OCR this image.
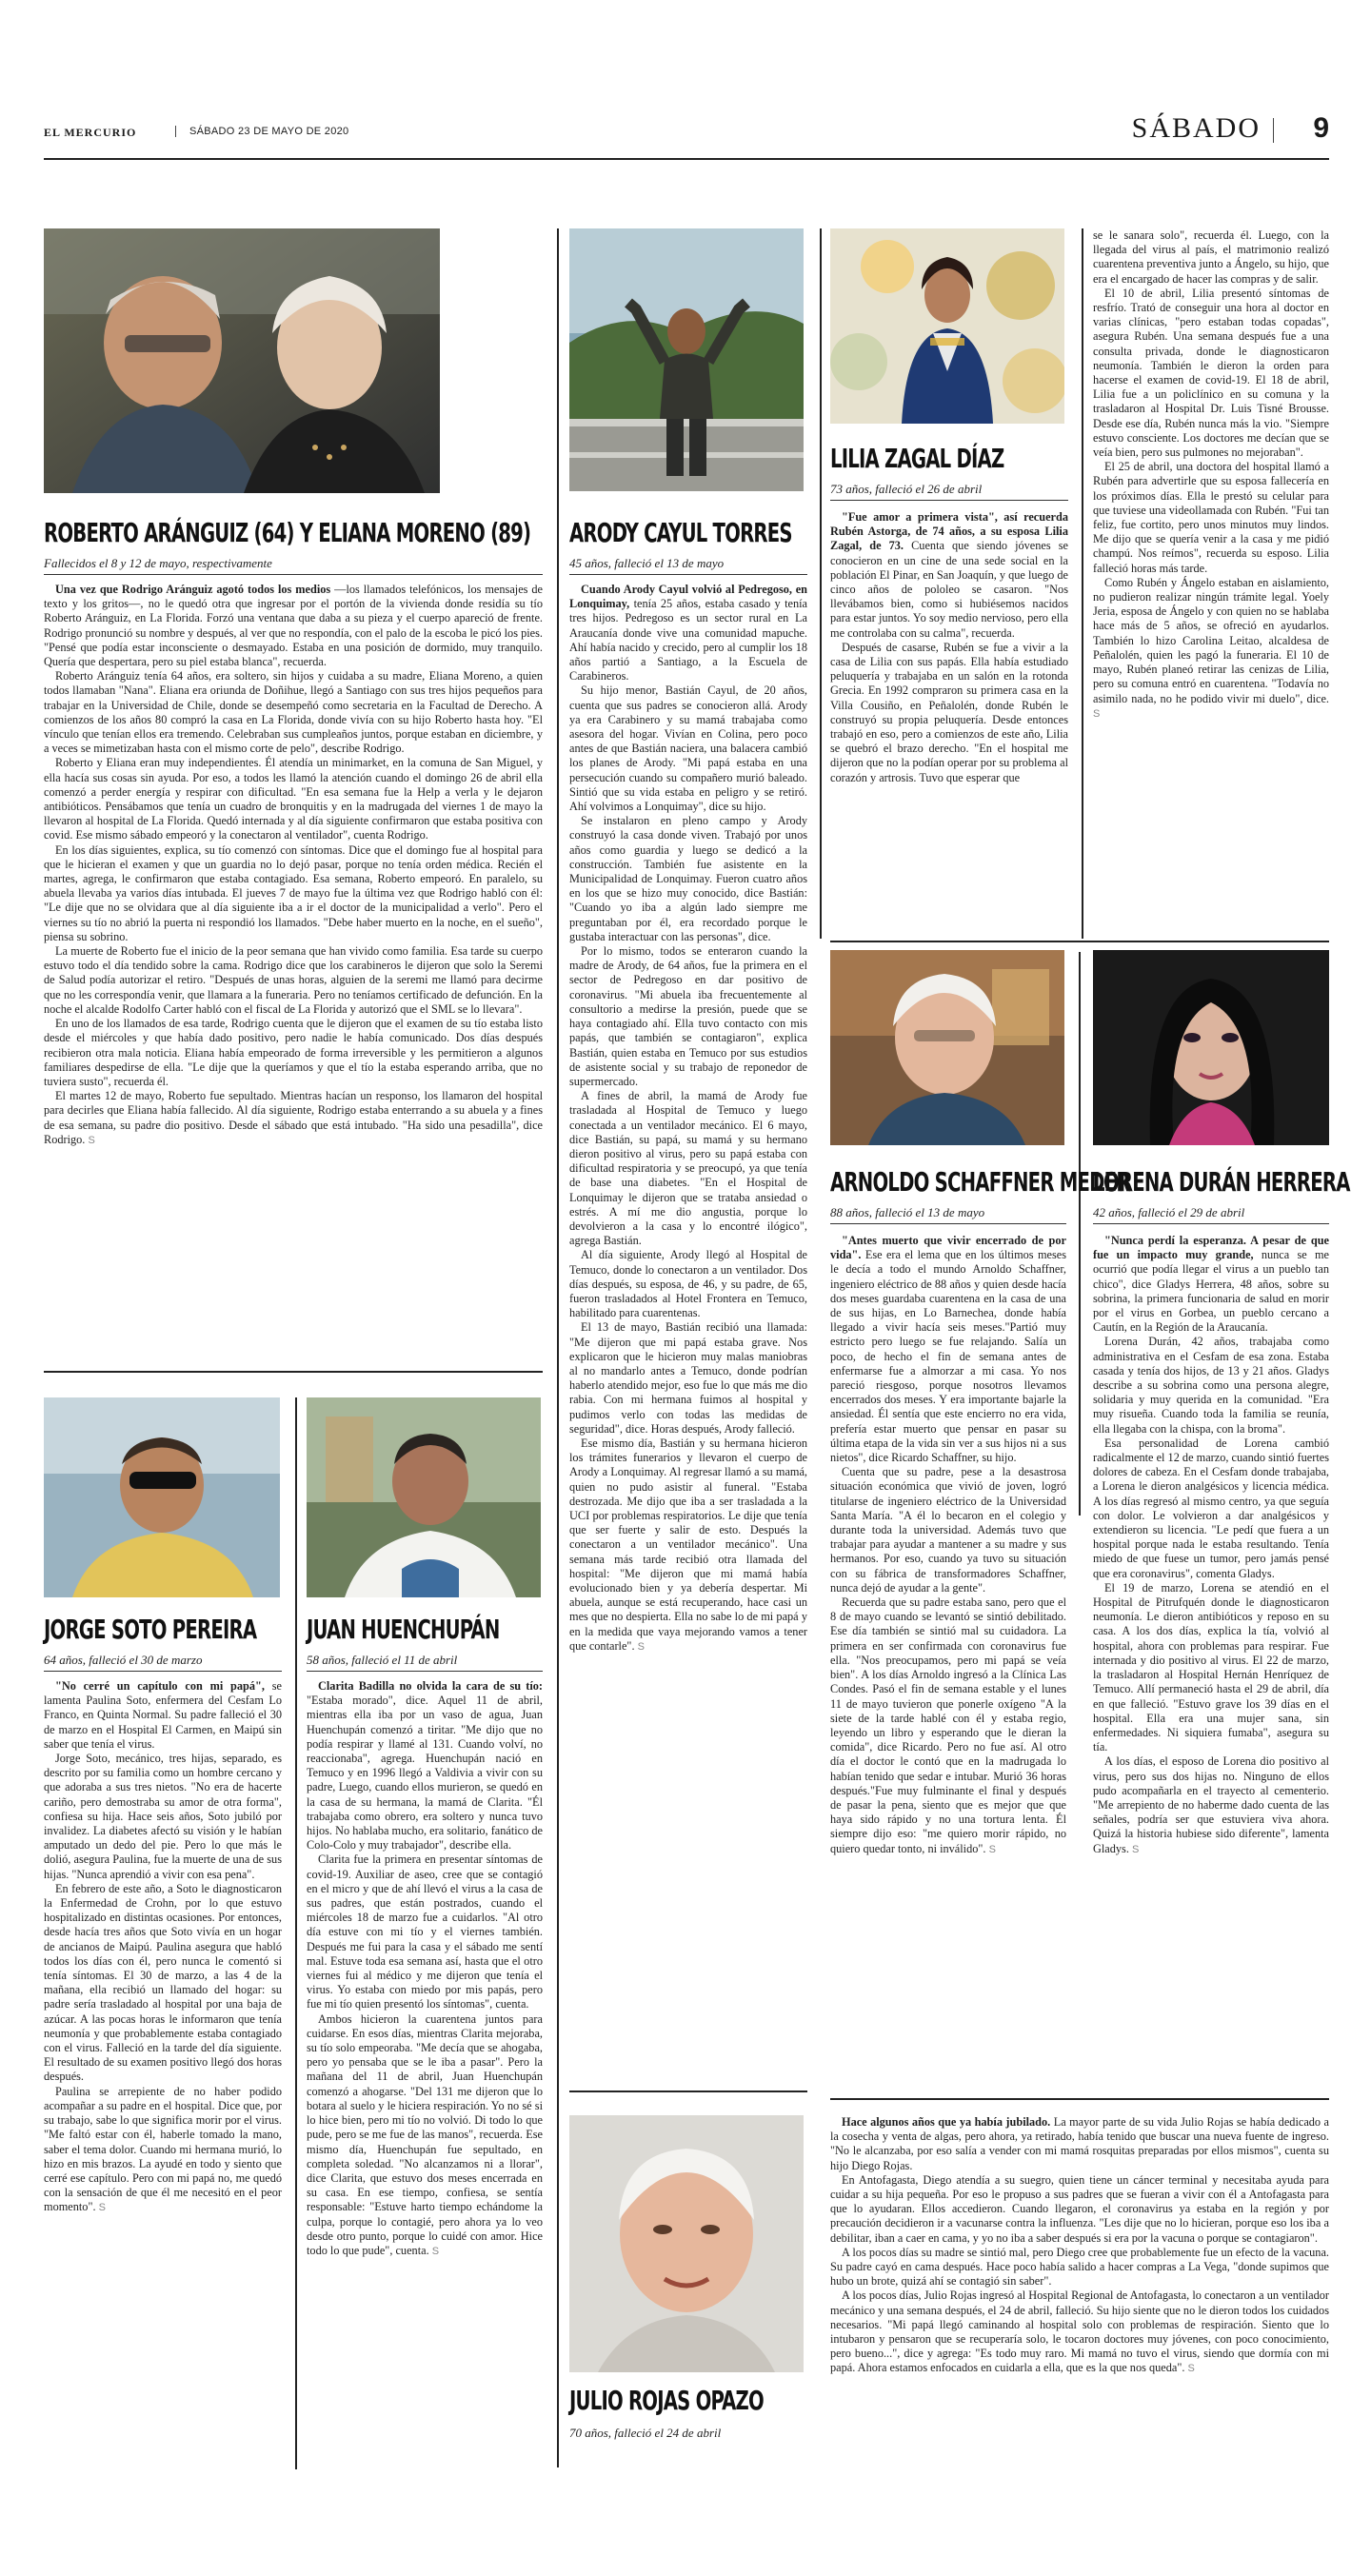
EL MERCURIO	SÁBADO 23 DE MAYO DE 2020	SÁBADO 9
ROBERTO ARÁNGUIZ (64) Y ELIANA MORENO (89)
Fallecidos el 8 y 12 de mayo, respectivamente

Una vez que Rodrigo Aránguiz agotó todos los medios —los llamados telefónicos, los mensajes de texto y los gritos—, no le quedó otra que ingresar por el portón de la vivienda donde residía su tío Roberto Aránguiz, en La Florida. Forzó una ventana que daba a su pieza y el cuerpo apareció de frente. Rodrigo pronunció su nombre y después, al ver que no respondía, con el palo de la escoba le picó los pies. "Pensé que podía estar inconsciente o desmayado. Estaba en una posición de dormido, muy tranquilo. Quería que despertara, pero su piel estaba blanca", recuerda.

Roberto Aránguiz tenía 64 años, era soltero, sin hijos y cuidaba a su madre, Eliana Moreno, a quien todos llamaban "Nana". Eliana era oriunda de Doñihue, llegó a Santiago con sus tres hijos pequeños para trabajar en la Universidad de Chile, donde se desempeñó como secretaria en la Facultad de Derecho. A comienzos de los años 80 compró la casa en La Florida, donde vivía con su hijo Roberto hasta hoy. "El vínculo que tenían ellos era tremendo. Celebraban sus cumpleaños juntos, porque estaban en diciembre, y a veces se mimetizaban hasta con el mismo corte de pelo", describe Rodrigo.

Roberto y Eliana eran muy independientes. Él atendía un minimarket, en la comuna de San Miguel, y ella hacía sus cosas sin ayuda. Por eso, a todos les llamó la atención cuando el domingo 26 de abril ella comenzó a perder energía y respirar con dificultad. "En esa semana fue la Help a verla y le dejaron antibióticos. Pensábamos que tenía un cuadro de bronquitis y en la madrugada del viernes 1 de mayo la llevaron al hospital de La Florida. Quedó internada y al día siguiente confirmaron que estaba positiva con covid. Ese mismo sábado empeoró y la conectaron al ventilador", cuenta Rodrigo.

En los días siguientes, explica, su tío comenzó con síntomas. Dice que el domingo fue al hospital para que le hicieran el examen y que un guardia no lo dejó pasar, porque no tenía orden médica. Recién el martes, agrega, le confirmaron que estaba contagiado. Esa semana, Roberto empeoró. En paralelo, su abuela llevaba ya varios días intubada. El jueves 7 de mayo fue la última vez que Rodrigo habló con él: "Le dije que no se olvidara que al día siguiente iba a ir el doctor de la municipalidad a verlo". Pero el viernes su tío no abrió la puerta ni respondió los llamados. "Debe haber muerto en la noche, en el sueño", piensa su sobrino.

La muerte de Roberto fue el inicio de la peor semana que han vivido como familia. Esa tarde su cuerpo estuvo todo el día tendido sobre la cama. Rodrigo dice que los carabineros le dijeron que solo la Seremi de Salud podía autorizar el retiro. "Después de unas horas, alguien de la seremi me llamó para decirme que no les correspondía venir, que llamara a la funeraria. Pero no teníamos certificado de defunción. En la noche el alcalde Rodolfo Carter habló con el fiscal de La Florida y autorizó que el SML se lo llevara".

En uno de los llamados de esa tarde, Rodrigo cuenta que le dijeron que el examen de su tío estaba listo desde el miércoles y que había dado positivo, pero nadie le había comunicado. Dos días después recibieron otra mala noticia. Eliana había empeorado de forma irreversible y les permitieron a algunos familiares despedirse de ella. "Le dije que la queríamos y que el tío la estaba esperando arriba, que no tuviera susto", recuerda él.

El martes 12 de mayo, Roberto fue sepultado. Mientras hacían un responso, los llamaron del hospital para decirles que Eliana había fallecido. Al día siguiente, Rodrigo estaba enterrando a su abuela y a fines de esa semana, su padre dio positivo. Desde el sábado que está intubado. "Ha sido una pesadilla", dice Rodrigo. S

ARODY CAYUL TORRES
45 años, falleció el 13 de mayo

Cuando Arody Cayul volvió al Pedregoso, en Lonquimay, tenía 25 años, estaba casado y tenía tres hijos. Pedregoso es un sector rural en La Araucanía donde vive una comunidad mapuche. Ahí había nacido y crecido, pero al cumplir los 18 años partió a Santiago, a la Escuela de Carabineros.

Su hijo menor, Bastián Cayul, de 20 años, cuenta que sus padres se conocieron allá. Arody ya era Carabinero y su mamá trabajaba como asesora del hogar. Vivían en Colina, pero poco antes de que Bastián naciera, una balacera cambió los planes de Arody. "Mi papá estaba en una persecución cuando su compañero murió baleado. Sintió que su vida estaba en peligro y se retiró. Ahí volvimos a Lonquimay", dice su hijo.

Se instalaron en pleno campo y Arody construyó la casa donde viven. Trabajó por unos años como guardia y luego se dedicó a la construcción. También fue asistente en la Municipalidad de Lonquimay. Fueron cuatro años en los que se hizo muy conocido, dice Bastián: "Cuando yo iba a algún lado siempre me preguntaban por él, era recordado porque le gustaba interactuar con las personas", dice.

Por lo mismo, todos se enteraron cuando la madre de Arody, de 64 años, fue la primera en el sector de Pedregoso en dar positivo de coronavirus. "Mi abuela iba frecuentemente al consultorio a medirse la presión, puede que se haya contagiado ahí. Ella tuvo contacto con mis papás, que también se contagiaron", explica Bastián, quien estaba en Temuco por sus estudios de asistente social y su trabajo de reponedor de supermercado.

A fines de abril, la mamá de Arody fue trasladada al Hospital de Temuco y luego conectada a un ventilador mecánico. El 6 mayo, dice Bastián, su papá, su mamá y su hermano dieron positivo al virus, pero su papá estaba con dificultad respiratoria y se preocupó, ya que tenía de base una diabetes. "En el Hospital de Lonquimay le dijeron que se trataba ansiedad o estrés. A mí me dio angustia, porque lo devolvieron a la casa y lo encontré ilógico", agrega Bastián.

Al día siguiente, Arody llegó al Hospital de Temuco, donde lo conectaron a un ventilador. Dos días después, su esposa, de 46, y su padre, de 65, fueron trasladados al Hotel Frontera en Temuco, habilitado para cuarentenas.

El 13 de mayo, Bastián recibió una llamada: "Me dijeron que mi papá estaba grave. Nos explicaron que le hicieron muy malas maniobras al no mandarlo antes a Temuco, donde podrían haberlo atendido mejor, eso fue lo que más me dio rabia. Con mi hermana fuimos al hospital y pudimos verlo con todas las medidas de seguridad", dice. Horas después, Arody falleció.

Ese mismo día, Bastián y su hermana hicieron los trámites funerarios y llevaron el cuerpo de Arody a Lonquimay. Al regresar llamó a su mamá, quien no pudo asistir al funeral. "Estaba destrozada. Me dijo que iba a ser trasladada a la UCI por problemas respiratorios. Le dije que tenía que ser fuerte y salir de esto. Después la conectaron a un ventilador mecánico". Una semana más tarde recibió otra llamada del hospital: "Me dijeron que mi mamá había evolucionado bien y ya debería despertar. Mi abuela, aunque se está recuperando, hace casi un mes que no despierta. Ella no sabe lo de mi papá y en la medida que vaya mejorando vamos a tener que contarle". S

LILIA ZAGAL DÍAZ
73 años, falleció el 26 de abril

"Fue amor a primera vista", así recuerda Rubén Astorga, de 74 años, a su esposa Lilia Zagal, de 73. Cuenta que siendo jóvenes se conocieron en un cine de una sede social en la población El Pinar, en San Joaquín, y que luego de cinco años de pololeo se casaron. "Nos llevábamos bien, como si hubiésemos nacidos para estar juntos. Yo soy medio nervioso, pero ella me controlaba con su calma", recuerda.

Después de casarse, Rubén se fue a vivir a la casa de Lilia con sus papás. Ella había estudiado peluquería y trabajaba en un salón en la rotonda Grecia. En 1992 compraron su primera casa en la Villa Cousiño, en Peñalolén, donde Rubén le construyó su propia peluquería. Desde entonces trabajó en eso, pero a comienzos de este año, Lilia se quebró el brazo derecho. "En el hospital me dijeron que no la podían operar por su problema al corazón y artrosis. Tuvo que esperar que

se le sanara solo", recuerda él. Luego, con la llegada del virus al país, el matrimonio realizó cuarentena preventiva junto a Ángelo, su hijo, que era el encargado de hacer las compras y de salir.

El 10 de abril, Lilia presentó síntomas de resfrío. Trató de conseguir una hora al doctor en varias clínicas, "pero estaban todas copadas", asegura Rubén. Una semana después fue a una consulta privada, donde le diagnosticaron neumonía. También le dieron la orden para hacerse el examen de covid-19. El 18 de abril, Lilia fue a un policlínico en su comuna y la trasladaron al Hospital Dr. Luis Tisné Brousse. Desde ese día, Rubén nunca más la vio. "Siempre estuvo consciente. Los doctores me decían que se veía bien, pero sus pulmones no mejoraban".

El 25 de abril, una doctora del hospital llamó a Rubén para advertirle que su esposa fallecería en los próximos días. Ella le prestó su celular para que tuviese una videollamada con Rubén. "Fui tan feliz, fue cortito, pero unos minutos muy lindos. Me dijo que se quería venir a la casa y me pidió champú. Nos reímos", recuerda su esposo. Lilia falleció horas más tarde.

Como Rubén y Ángelo estaban en aislamiento, no pudieron realizar ningún trámite legal. Yoely Jeria, esposa de Ángelo y con quien no se hablaba hace más de 5 años, se ofreció en ayudarlos. También lo hizo Carolina Leitao, alcaldesa de Peñalolén, quien les pagó la funeraria. El 10 de mayo, Rubén planeó retirar las cenizas de Lilia, pero su comuna entró en cuarentena. "Todavía no asimilo nada, no he podido vivir mi duelo", dice. S

ARNOLDO SCHAFFNER MEDER
88 años, falleció el 13 de mayo

"Antes muerto que vivir encerrado de por vida". Ese era el lema que en los últimos meses le decía a todo el mundo Arnoldo Schaffner, ingeniero eléctrico de 88 años y quien desde hacía dos meses guardaba cuarentena en la casa de una de sus hijas, en Lo Barnechea, donde había llegado a vivir hacía seis meses."Partió muy estricto pero luego se fue relajando. Salía un poco, de hecho el fin de semana antes de enfermarse fue a almorzar a mi casa. Yo nos pareció riesgoso, porque nosotros llevamos encerrados dos meses. Y era importante bajarle la ansiedad. Él sentía que este encierro no era vida, prefería estar muerto que pensar en pasar su última etapa de la vida sin ver a sus hijos ni a sus nietos", dice Ricardo Schaffner, su hijo.

Cuenta que su padre, pese a la desastrosa situación económica que vivió de joven, logró titularse de ingeniero eléctrico de la Universidad Santa María. "A él lo becaron en el colegio y durante toda la universidad. Además tuvo que trabajar para ayudar a mantener a su madre y sus hermanos. Por eso, cuando ya tuvo su situación con su fábrica de transformadores Schaffner, nunca dejó de ayudar a la gente".

Recuerda que su padre estaba sano, pero que el 8 de mayo cuando se levantó se sintió debilitado. Ese día también se sintió mal su cuidadora. La primera en ser confirmada con coronavirus fue ella. "Nos preocupamos, pero mi papá se veía bien". A los días Arnoldo ingresó a la Clínica Las Condes. Pasó el fin de semana estable y el lunes 11 de mayo tuvieron que ponerle oxígeno "A la siete de la tarde hablé con él y estaba regio, leyendo un libro y esperando que le dieran la comida", dice Ricardo. Pero no fue así. Al otro día el doctor le contó que en la madrugada lo habían tenido que sedar e intubar. Murió 36 horas después."Fue muy fulminante el final y después de pasar la pena, siento que es mejor que que haya sido rápido y no una tortura lenta. Él siempre dijo eso: "me quiero morir rápido, no quiero quedar tonto, ni inválido". S

LORENA DURÁN HERRERA
42 años, falleció el 29 de abril

"Nunca perdí la esperanza. A pesar de que fue un impacto muy grande, nunca se me ocurrió que podía llegar el virus a un pueblo tan chico", dice Gladys Herrera, 48 años, sobre su sobrina, la primera funcionaria de salud en morir por el virus en Gorbea, un pueblo cercano a Cautín, en la Región de la Araucanía.

Lorena Durán, 42 años, trabajaba como administrativa en el Cesfam de esa zona. Estaba casada y tenía dos hijos, de 13 y 21 años. Gladys describe a su sobrina como una persona alegre, solidaria y muy querida en la comunidad. "Era muy risueña. Cuando toda la familia se reunía, ella llegaba con la chispa, con la broma".

Esa personalidad de Lorena cambió radicalmente el 12 de marzo, cuando sintió fuertes dolores de cabeza. En el Cesfam donde trabajaba, a Lorena le dieron analgésicos y licencia médica. A los días regresó al mismo centro, ya que seguía con dolor. Le volvieron a dar analgésicos y extendieron su licencia. "Le pedí que fuera a un hospital porque nada le estaba resultando. Tenía miedo de que fuese un tumor, pero jamás pensé que era coronavirus", comenta Gladys.

El 19 de marzo, Lorena se atendió en el Hospital de Pitrufquén donde le diagnosticaron neumonía. Le dieron antibióticos y reposo en su casa. A los dos días, explica la tía, volvió al hospital, ahora con problemas para respirar. Fue internada y dio positivo al virus. El 22 de marzo, la trasladaron al Hospital Hernán Henríquez de Temuco. Allí permaneció hasta el 29 de abril, día en que falleció. "Estuvo grave los 39 días en el hospital. Ella era una mujer sana, sin enfermedades. Ni siquiera fumaba", asegura su tía.

A los días, el esposo de Lorena dio positivo al virus, pero sus dos hijas no. Ninguno de ellos pudo acompañarla en el trayecto al cementerio. "Me arrepiento de no haberme dado cuenta de las señales, podría ser que estuviera viva ahora. Quizá la historia hubiese sido diferente", lamenta Gladys. S

JORGE SOTO PEREIRA
64 años, falleció el 30 de marzo

"No cerré un capítulo con mi papá", se lamenta Paulina Soto, enfermera del Cesfam Lo Franco, en Quinta Normal. Su padre falleció el 30 de marzo en el Hospital El Carmen, en Maipú sin saber que tenía el virus.

Jorge Soto, mecánico, tres hijas, separado, es descrito por su familia como un hombre cercano y que adoraba a sus tres nietos. "No era de hacerte cariño, pero demostraba su amor de otra forma", confiesa su hija. Hace seis años, Soto jubiló por invalidez. La diabetes afectó su visión y le habían amputado un dedo del pie. Pero lo que más le dolió, asegura Paulina, fue la muerte de una de sus hijas. "Nunca aprendió a vivir con esa pena".

En febrero de este año, a Soto le diagnosticaron la Enfermedad de Crohn, por lo que estuvo hospitalizado en distintas ocasiones. Por entonces, desde hacía tres años que Soto vivía en un hogar de ancianos de Maipú. Paulina asegura que habló todos los días con él, pero nunca le comentó si tenía síntomas. El 30 de marzo, a las 4 de la mañana, ella recibió un llamado del hogar: su padre sería trasladado al hospital por una baja de azúcar. A las pocas horas le informaron que tenía neumonía y que probablemente estaba contagiado con el virus. Falleció en la tarde del día siguiente. El resultado de su examen positivo llegó dos horas después.

Paulina se arrepiente de no haber podido acompañar a su padre en el hospital. Dice que, por su trabajo, sabe lo que significa morir por el virus. "Me faltó estar con él, haberle tomado la mano, saber el tema dolor. Cuando mi hermana murió, lo hizo en mis brazos. La ayudé en todo y siento que cerré ese capítulo. Pero con mi papá no, me quedó con la sensación de que él me necesitó en el peor momento". S

JUAN HUENCHUPÁN
58 años, falleció el 11 de abril

Clarita Badilla no olvida la cara de su tío: "Estaba morado", dice. Aquel 11 de abril, mientras ella iba por un vaso de agua, Juan Huenchupán comenzó a tiritar. "Me dijo que no podía respirar y llamé al 131. Cuando volví, no reaccionaba", agrega. Huenchupán nació en Temuco y en 1996 llegó a Valdivia a vivir con su padre, Luego, cuando ellos murieron, se quedó en la casa de su hermana, la mamá de Clarita. "Él trabajaba como obrero, era soltero y nunca tuvo hijos. No hablaba mucho, era solitario, fanático de Colo-Colo y muy trabajador", describe ella.

Clarita fue la primera en presentar síntomas de covid-19. Auxiliar de aseo, cree que se contagió en el micro y que de ahí llevó el virus a la casa de sus padres, que están postrados, cuando el miércoles 18 de marzo fue a cuidarlos. "Al otro día estuve con mi tío y el viernes también. Después me fui para la casa y el sábado me sentí mal. Estuve toda esa semana así, hasta que el otro viernes fui al médico y me dijeron que tenía el virus. Yo estaba con miedo por mis papás, pero fue mi tío quien presentó los síntomas", cuenta.

Ambos hicieron la cuarentena juntos para cuidarse. En esos días, mientras Clarita mejoraba, su tío solo empeoraba. "Me decía que se ahogaba, pero yo pensaba que se le iba a pasar". Pero la mañana del 11 de abril, Juan Huenchupán comenzó a ahogarse. "Del 131 me dijeron que lo botara al suelo y le hiciera respiración. Yo no sé si lo hice bien, pero mi tío no volvió. Di todo lo que pude, pero se me fue de las manos", recuerda. Ese mismo día, Huenchupán fue sepultado, en completa soledad. "No alcanzamos ni a llorar", dice Clarita, que estuvo dos meses encerrada en su casa. En ese tiempo, confiesa, se sentía responsable: "Estuve harto tiempo echándome la culpa, porque lo contagié, pero ahora ya lo veo desde otro punto, porque lo cuidé con amor. Hice todo lo que pude", cuenta. S

JULIO ROJAS OPAZO
70 años, falleció el 24 de abril

Hace algunos años que ya había jubilado. La mayor parte de su vida Julio Rojas se había dedicado a la cosecha y venta de algas, pero ahora, ya retirado, había tenido que buscar una nueva fuente de ingreso. "No le alcanzaba, por eso salía a vender con mi mamá rosquitas preparadas por ellos mismos", cuenta su hijo Diego Rojas.

En Antofagasta, Diego atendía a su suegro, quien tiene un cáncer terminal y necesitaba ayuda para cuidar a su hija pequeña. Por eso le propuso a sus padres que se fueran a vivir con él a Antofagasta para que lo ayudaran. Ellos accedieron. Cuando llegaron, el coronavirus ya estaba en la región y por precaución decidieron ir a vacunarse contra la influenza. "Les dije que no lo hicieran, porque eso los iba a debilitar, iban a caer en cama, y yo no iba a saber después si era por la vacuna o porque se contagiaron".

A los pocos días su madre se sintió mal, pero Diego cree que probablemente fue un efecto de la vacuna. Su padre cayó en cama después. Hace poco había salido a hacer compras a La Vega, "donde supimos que hubo un brote, quizá ahí se contagió sin saber".

A los pocos días, Julio Rojas ingresó al Hospital Regional de Antofagasta, lo conectaron a un ventilador mecánico y una semana después, el 24 de abril, falleció. Su hijo siente que no le dieron todos los cuidados necesarios. "Mi papá llegó caminando al hospital solo con problemas de respiración. Siento que lo intubaron y pensaron que se recuperaría solo, le tocaron doctores muy jóvenes, con poco conocimiento, pero bueno...", dice y agrega: "Es todo muy raro. Mi mamá no tuvo el virus, siendo que dormía con mi papá. Ahora estamos enfocados en cuidarla a ella, que es la que nos queda". S
